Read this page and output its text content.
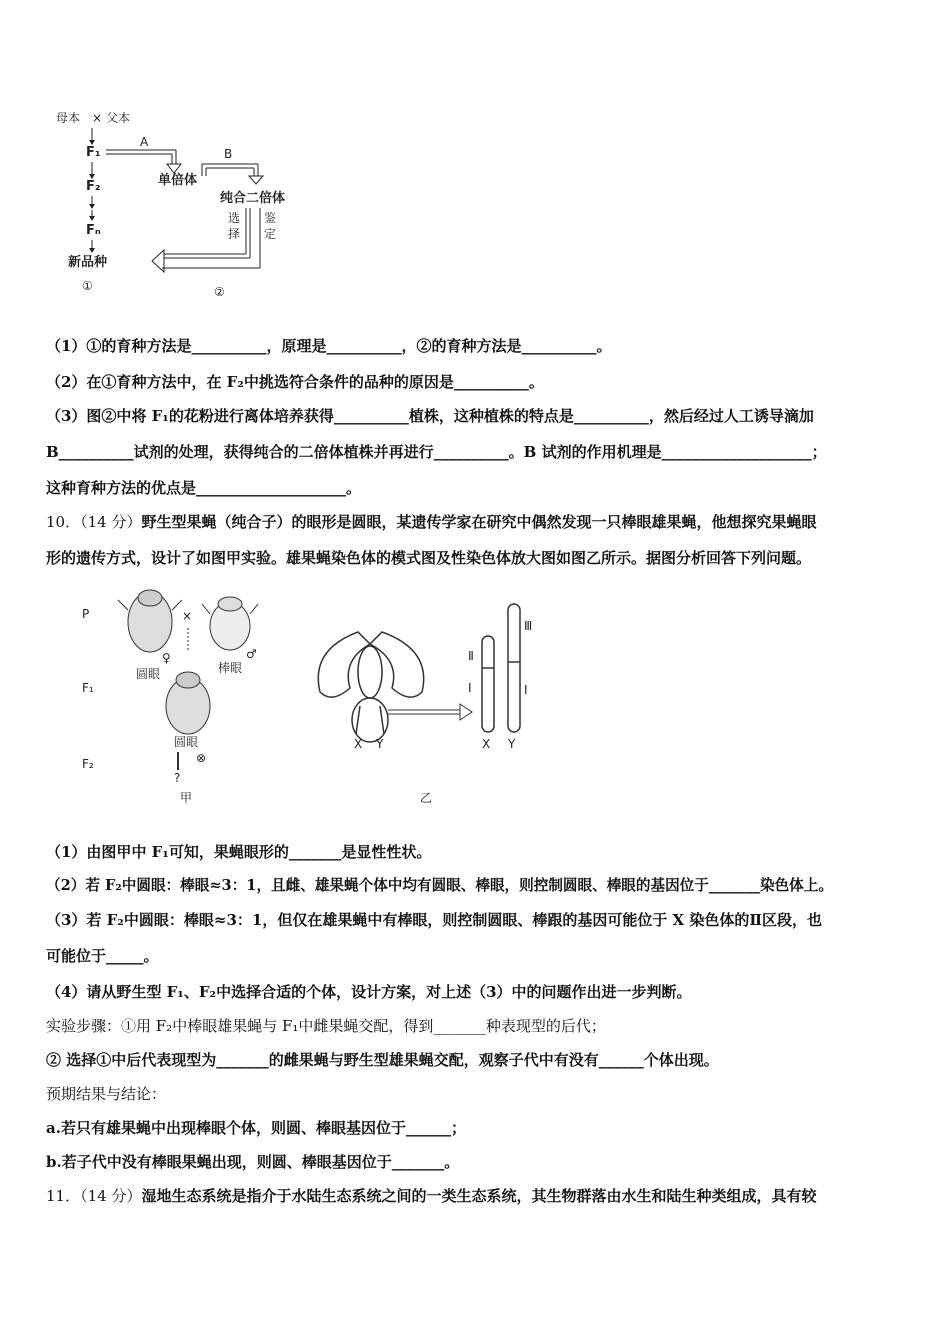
母本 × 父本
F₁
A
单倍体
B
纯合二倍体
F₂
Fₙ
新品种
选
择
鉴
定
①	②
（1）①的育种方法是__________，原理是__________，②的育种方法是__________。
（2）在①育种方法中，在 F₂中挑选符合条件的品种的原因是__________。
（3）图②中将 F₁的花粉进行离体培养获得__________植株，这种植株的特点是__________，然后经过人工诱导滴加
B__________试剂的处理，获得纯合的二倍体植株并再进行__________。B 试剂的作用机理是____________________；
这种育种方法的优点是____________________。
10．（14 分）野生型果蝇（纯合子）的眼形是圆眼，某遗传学家在研究中偶然发现一只棒眼雄果蝇，他想探究果蝇眼
形的遗传方式，设计了如图甲实验。雄果蝇染色体的模式图及性染色体放大图如图乙所示。据图分析回答下列问题。
P
F₁
F₂
♀
圆眼
×
♂
棒眼
圆眼
⊗
?
甲
X Y
乙
Ⅱ
Ⅰ
Ⅲ
Ⅰ
X Y
（1）由图甲中 F₁可知，果蝇眼形的_______是显性性状。
（2）若 F₂中圆眼：棒眼≈3：1，且雌、雄果蝇个体中均有圆眼、棒眼，则控制圆眼、棒眼的基因位于_______染色体上。
（3）若 F₂中圆眼：棒眼≈3：1，但仅在雄果蝇中有棒眼，则控制圆眼、棒跟的基因可能位于 X 染色体的Ⅱ区段，也
可能位于_____。
（4）请从野生型 F₁、F₂中选择合适的个体，设计方案，对上述（3）中的问题作出进一步判断。
实验步骤：①用 F₂中棒眼雄果蝇与 F₁中雌果蝇交配，得到_______种表现型的后代；
② 选择①中后代表现型为_______的雌果蝇与野生型雄果蝇交配，观察子代中有没有______个体出现。
预期结果与结论：
a.若只有雄果蝇中出现棒眼个体，则圆、棒眼基因位于______；
b.若子代中没有棒眼果蝇出现，则圆、棒眼基因位于_______。
11．（14 分）湿地生态系统是指介于水陆生态系统之间的一类生态系统，其生物群落由水生和陆生种类组成，具有较
